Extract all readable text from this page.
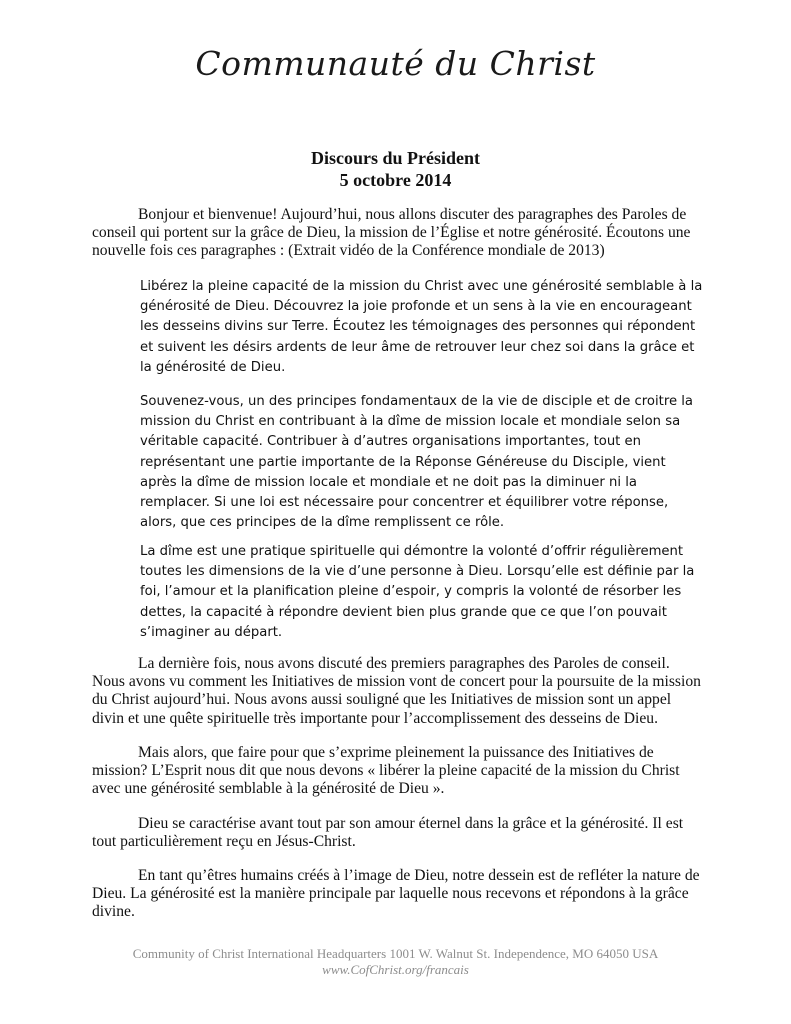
Communauté du Christ
Discours du Président
5 octobre 2014

Bonjour et bienvenue! Aujourd’hui, nous allons discuter des paragraphes des Paroles de conseil qui portent sur la grâce de Dieu, la mission de l’Église et notre générosité. Écoutons une nouvelle fois ces paragraphes : (Extrait vidéo de la Conférence mondiale de 2013)

Libérez la pleine capacité de la mission du Christ avec une générosité semblable à la générosité de Dieu. Découvrez la joie profonde et un sens à la vie en encourageant les desseins divins sur Terre. Écoutez les témoignages des personnes qui répondent et suivent les désirs ardents de leur âme de retrouver leur chez soi dans la grâce et la générosité de Dieu.

Souvenez-vous, un des principes fondamentaux de la vie de disciple et de croitre la mission du Christ en contribuant à la dîme de mission locale et mondiale selon sa véritable capacité. Contribuer à d’autres organisations importantes, tout en représentant une partie importante de la Réponse Généreuse du Disciple, vient après la dîme de mission locale et mondiale et ne doit pas la diminuer ni la remplacer. Si une loi est nécessaire pour concentrer et équilibrer votre réponse, alors, que ces principes de la dîme remplissent ce rôle.

La dîme est une pratique spirituelle qui démontre la volonté d’offrir régulièrement toutes les dimensions de la vie d’une personne à Dieu. Lorsqu’elle est définie par la foi, l’amour et la planification pleine d’espoir, y compris la volonté de résorber les dettes, la capacité à répondre devient bien plus grande que ce que l’on pouvait s’imaginer au départ.

La dernière fois, nous avons discuté des premiers paragraphes des Paroles de conseil. Nous avons vu comment les Initiatives de mission vont de concert pour la poursuite de la mission du Christ aujourd’hui. Nous avons aussi souligné que les Initiatives de mission sont un appel divin et une quête spirituelle très importante pour l’accomplissement des desseins de Dieu.

Mais alors, que faire pour que s’exprime pleinement la puissance des Initiatives de mission? L’Esprit nous dit que nous devons « libérer la pleine capacité de la mission du Christ avec une générosité semblable à la générosité de Dieu ».

Dieu se caractérise avant tout par son amour éternel dans la grâce et la générosité. Il est tout particulièrement reçu en Jésus-Christ.

En tant qu’êtres humains créés à l’image de Dieu, notre dessein est de refléter la nature de Dieu. La générosité est la manière principale par laquelle nous recevons et répondons à la grâce divine.

Community of Christ International Headquarters 1001 W. Walnut St. Independence, MO 64050 USA
www.CofChrist.org/francais
